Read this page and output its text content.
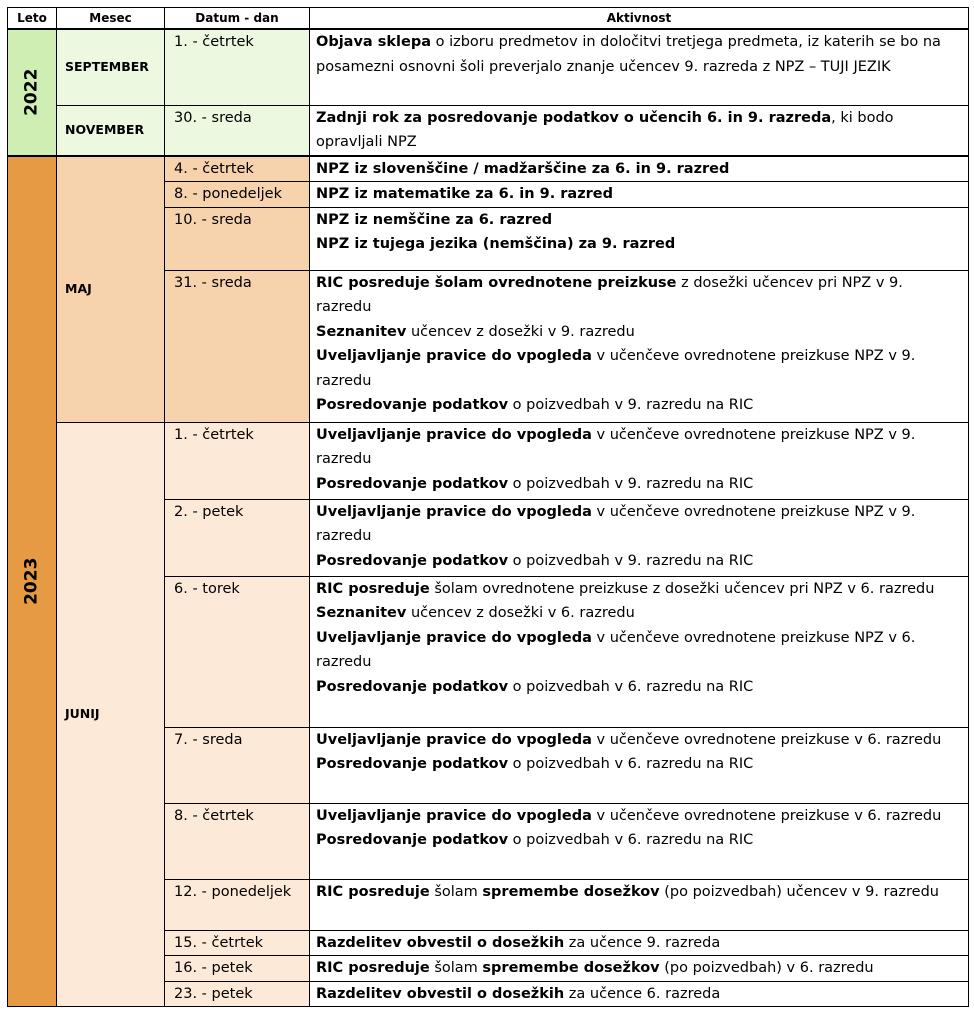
Leto	Mesec	Datum - dan	Aktivnost
2022	SEPTEMBER	1. - četrtek	Objava sklepa o izboru predmetov in določitvi tretjega predmeta, iz katerih se bo na posamezni osnovni šoli preverjalo znanje učencev 9. razreda z NPZ – TUJI JEZIK

	NOVEMBER	30. - sreda	Zadnji rok za posredovanje podatkov o učencih 6. in 9. razreda, ki bodo opravljali NPZ

2023	MAJ	4. - četrtek	NPZ iz slovenščine / madžarščine za 6. in 9. razred

		8. - ponedeljek	NPZ iz matematike za 6. in 9. razred

		10. - sreda	NPZ iz nemščine za 6. razred
NPZ iz tujega jezika (nemščina) za 9. razred

		31. - sreda	RIC posreduje šolam ovrednotene preizkuse z dosežki učencev pri NPZ v 9. razredu
Seznanitev učencev z dosežki v 9. razredu
Uveljavljanje pravice do vpogleda v učenčeve ovrednotene preizkuse NPZ v 9. razredu
Posredovanje podatkov o poizvedbah v 9. razredu na RIC

	JUNIJ	1. - četrtek	Uveljavljanje pravice do vpogleda v učenčeve ovrednotene preizkuse NPZ v 9. razredu
Posredovanje podatkov o poizvedbah v 9. razredu na RIC

		2. - petek	Uveljavljanje pravice do vpogleda v učenčeve ovrednotene preizkuse NPZ v 9. razredu
Posredovanje podatkov o poizvedbah v 9. razredu na RIC

		6. - torek	RIC posreduje šolam ovrednotene preizkuse z dosežki učencev pri NPZ v 6. razredu
Seznanitev učencev z dosežki v 6. razredu
Uveljavljanje pravice do vpogleda v učenčeve ovrednotene preizkuse NPZ v 6. razredu
Posredovanje podatkov o poizvedbah v 6. razredu na RIC

		7. - sreda	Uveljavljanje pravice do vpogleda v učenčeve ovrednotene preizkuse v 6. razredu
Posredovanje podatkov o poizvedbah v 6. razredu na RIC

		8. - četrtek	Uveljavljanje pravice do vpogleda v učenčeve ovrednotene preizkuse v 6. razredu
Posredovanje podatkov o poizvedbah v 6. razredu na RIC

		12. - ponedeljek	RIC posreduje šolam spremembe dosežkov (po poizvedbah) učencev v 9. razredu

		15. - četrtek	Razdelitev obvestil o dosežkih za učence 9. razreda

		16. - petek	RIC posreduje šolam spremembe dosežkov (po poizvedbah) v 6. razredu

		23. - petek	Razdelitev obvestil o dosežkih za učence 6. razreda
